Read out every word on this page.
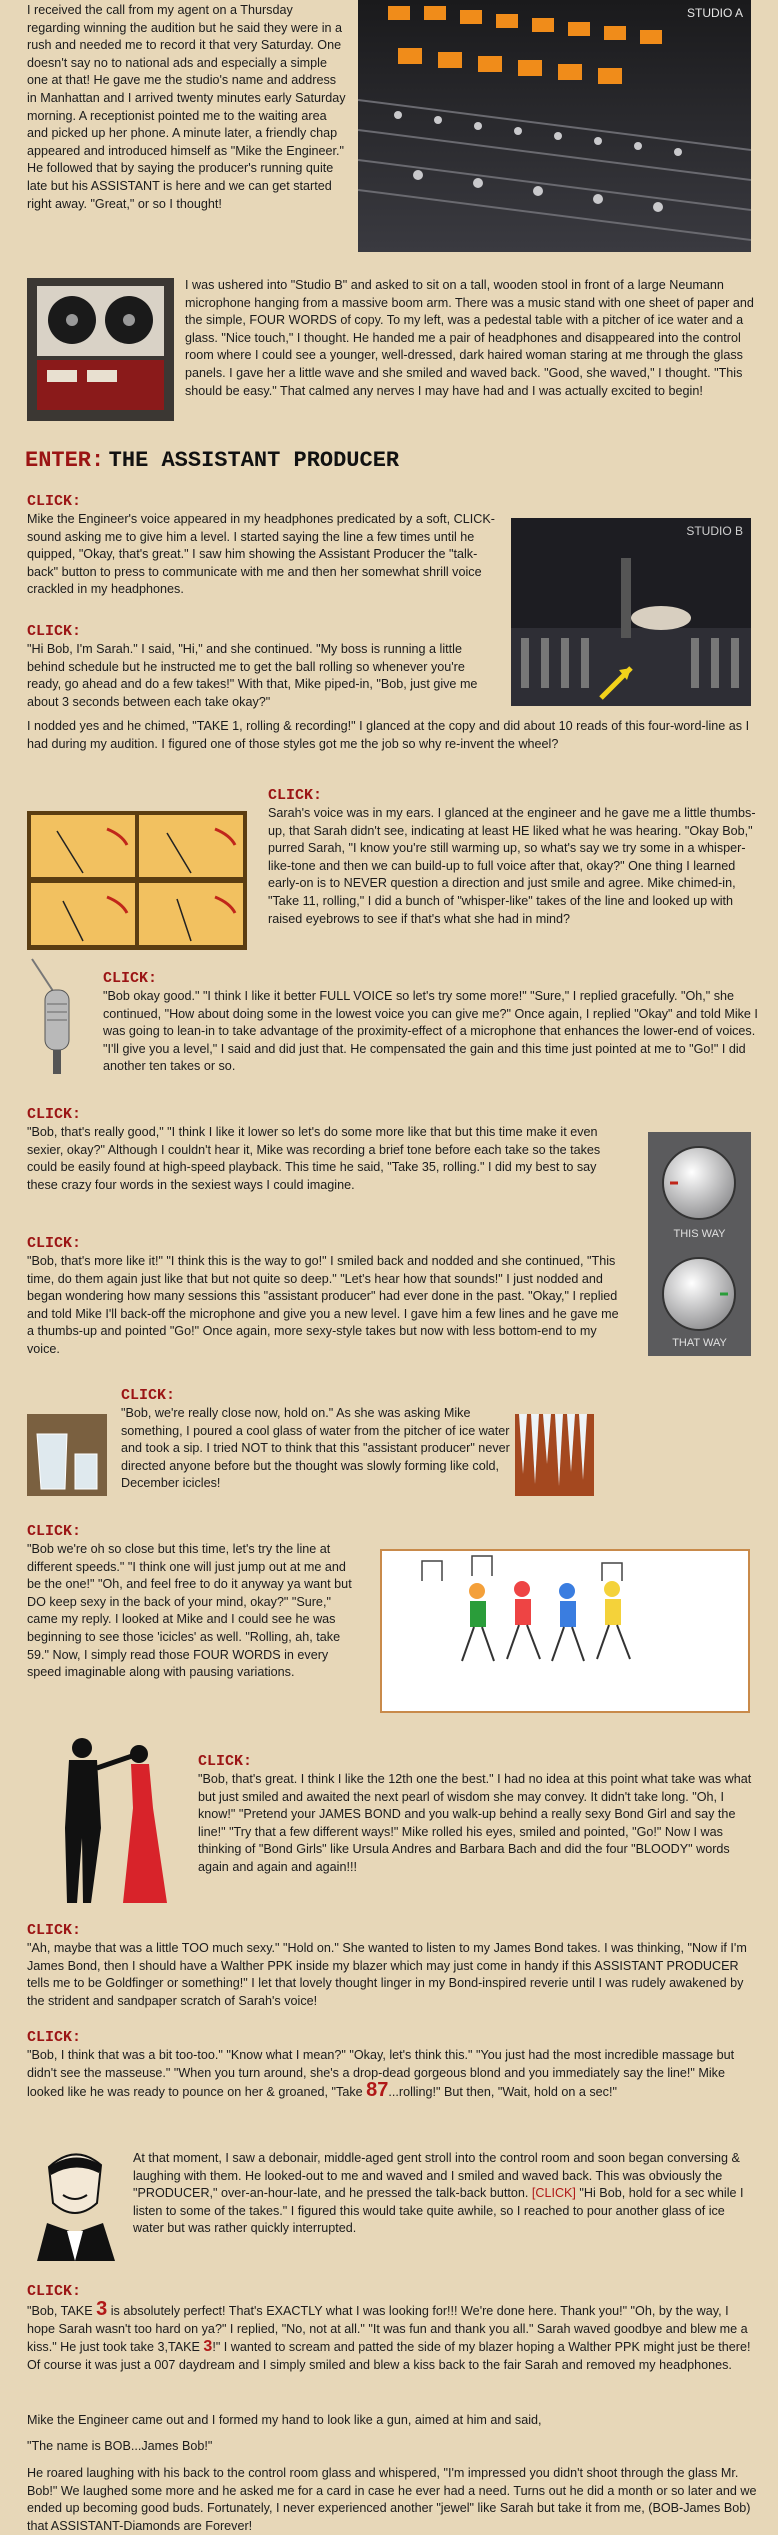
I received the call from my agent on a Thursday regarding winning the audition but he said they were in a rush and needed me to record it that very Saturday. One doesn't say no to national ads and especially a simple one at that! He gave me the studio's name and address in Manhattan and I arrived twenty minutes early Saturday morning. A receptionist pointed me to the waiting area and picked up her phone. A minute later, a friendly chap appeared and introduced himself as "Mike the Engineer." He followed that by saying the producer's running quite late but his ASSISTANT is here and we can get started right away. "Great," or so I thought!

STUDIO A

I was ushered into "Studio B" and asked to sit on a tall, wooden stool in front of a large Neumann microphone hanging from a massive boom arm. There was a music stand with one sheet of paper and the simple, FOUR WORDS of copy. To my left, was a pedestal table with a pitcher of ice water and a glass. "Nice touch," I thought. He handed me a pair of headphones and disappeared into the control room where I could see a younger, well-dressed, dark haired woman staring at me through the glass panels. I gave her a little wave and she smiled and waved back. "Good, she waved," I thought. "This should be easy." That calmed any nerves I may have had and I was actually excited to begin!

ENTER: THE ASSISTANT PRODUCER

CLICK:

Mike the Engineer's voice appeared in my headphones predicated by a soft, CLICK-sound asking me to give him a level. I started saying the line a few times until he quipped, "Okay, that's great." I saw him showing the Assistant Producer the "talk-back" button to press to communicate with me and then her somewhat shrill voice crackled in my headphones.

STUDIO B

CLICK:

"Hi Bob, I'm Sarah." I said, "Hi," and she continued. "My boss is running a little behind schedule but he instructed me to get the ball rolling so whenever you're ready, go ahead and do a few takes!" With that, Mike piped-in, "Bob, just give me about 3 seconds between each take okay?"

I nodded yes and he chimed, "TAKE 1, rolling & recording!" I glanced at the copy and did about 10 reads of this four-word-line as I had during my audition. I figured one of those styles got me the job so why re-invent the wheel?

CLICK:

Sarah's voice was in my ears. I glanced at the engineer and he gave me a little thumbs-up, that Sarah didn't see, indicating at least HE liked what he was hearing. "Okay Bob," purred Sarah, "I know you're still warming up, so what's say we try some in a whisper-like-tone and then we can build-up to full voice after that, okay?" One thing I learned early-on is to NEVER question a direction and just smile and agree. Mike chimed-in, "Take 11, rolling," I did a bunch of "whisper-like" takes of the line and looked up with raised eyebrows to see if that's what she had in mind?

CLICK:

"Bob okay good." "I think I like it better FULL VOICE so let's try some more!" "Sure," I replied gracefully. "Oh," she continued, "How about doing some in the lowest voice you can give me?" Once again, I replied "Okay" and told Mike I was going to lean-in to take advantage of the proximity-effect of a microphone that enhances the lower-end of voices. "I'll give you a level," I said and did just that. He compensated the gain and this time just pointed at me to "Go!" I did another ten takes or so.

CLICK:

"Bob, that's really good," "I think I like it lower so let's do some more like that but this time make it even sexier, okay?" Although I couldn't hear it, Mike was recording a brief tone before each take so the takes could be easily found at high-speed playback. This time he said, "Take 35, rolling." I did my best to say these crazy four words in the sexiest ways I could imagine.

THIS WAY
THAT WAY

CLICK:

"Bob, that's more like it!" "I think this is the way to go!" I smiled back and nodded and she continued, "This time, do them again just like that but not quite so deep." "Let's hear how that sounds!" I just nodded and began wondering how many sessions this "assistant producer" had ever done in the past. "Okay," I replied and told Mike I'll back-off the microphone and give you a new level. I gave him a few lines and he gave me a thumbs-up and pointed "Go!" Once again, more sexy-style takes but now with less bottom-end to my voice.

CLICK:

"Bob, we're really close now, hold on." As she was asking Mike something, I poured a cool glass of water from the pitcher of ice water and took a sip. I tried NOT to think that this "assistant producer" never directed anyone before but the thought was slowly forming like cold, December icicles!

CLICK:

"Bob we're oh so close but this time, let's try the line at different speeds." "I think one will just jump out at me and be the one!" "Oh, and feel free to do it anyway ya want but DO keep sexy in the back of your mind, okay?" "Sure," came my reply. I looked at Mike and I could see he was beginning to see those 'icicles' as well. "Rolling, ah, take 59." Now, I simply read those FOUR WORDS in every speed imaginable along with pausing variations.

CLICK:

"Bob, that's great. I think I like the 12th one the best." I had no idea at this point what take was what but just smiled and awaited the next pearl of wisdom she may convey. It didn't take long. "Oh, I know!" "Pretend your JAMES BOND and you walk-up behind a really sexy Bond Girl and say the line!" "Try that a few different ways!" Mike rolled his eyes, smiled and pointed, "Go!" Now I was thinking of "Bond Girls" like Ursula Andres and Barbara Bach and did the four "BLOODY" words again and again and again!!!

CLICK:

"Ah, maybe that was a little TOO much sexy." "Hold on." She wanted to listen to my James Bond takes. I was thinking, "Now if I'm James Bond, then I should have a Walther PPK inside my blazer which may just come in handy if this ASSISTANT PRODUCER tells me to be Goldfinger or something!" I let that lovely thought linger in my Bond-inspired reverie until I was rudely awakened by the strident and sandpaper scratch of Sarah's voice!

CLICK:

"Bob, I think that was a bit too-too." "Know what I mean?" "Okay, let's think this." "You just had the most incredible massage but didn't see the masseuse." "When you turn around, she's a drop-dead gorgeous blond and you immediately say the line!" Mike looked like he was ready to pounce on her & groaned, "Take 87...rolling!" But then, "Wait, hold on a sec!"

At that moment, I saw a debonair, middle-aged gent stroll into the control room and soon began conversing & laughing with them. He looked-out to me and waved and I smiled and waved back. This was obviously the "PRODUCER," over-an-hour-late, and he pressed the talk-back button. [CLICK] "Hi Bob, hold for a sec while I listen to some of the takes." I figured this would take quite awhile, so I reached to pour another glass of ice water but was rather quickly interrupted.

CLICK:

"Bob, TAKE 3 is absolutely perfect! That's EXACTLY what I was looking for!!! We're done here. Thank you!" "Oh, by the way, I hope Sarah wasn't too hard on ya?" I replied, "No, not at all." "It was fun and thank you all." Sarah waved goodbye and blew me a kiss." He just took take 3,TAKE 3!" I wanted to scream and patted the side of my blazer hoping a Walther PPK might just be there! Of course it was just a 007 daydream and I simply smiled and blew a kiss back to the fair Sarah and removed my headphones.

Mike the Engineer came out and I formed my hand to look like a gun, aimed at him and said,

"The name is BOB...James Bob!"

He roared laughing with his back to the control room glass and whispered, "I'm impressed you didn't shoot through the glass Mr. Bob!" We laughed some more and he asked me for a card in case he ever had a need. Turns out he did a month or so later and we ended up becoming good buds. Fortunately, I never experienced another "jewel" like Sarah but take it from me, (BOB-James Bob) that ASSISTANT-Diamonds are Forever!
